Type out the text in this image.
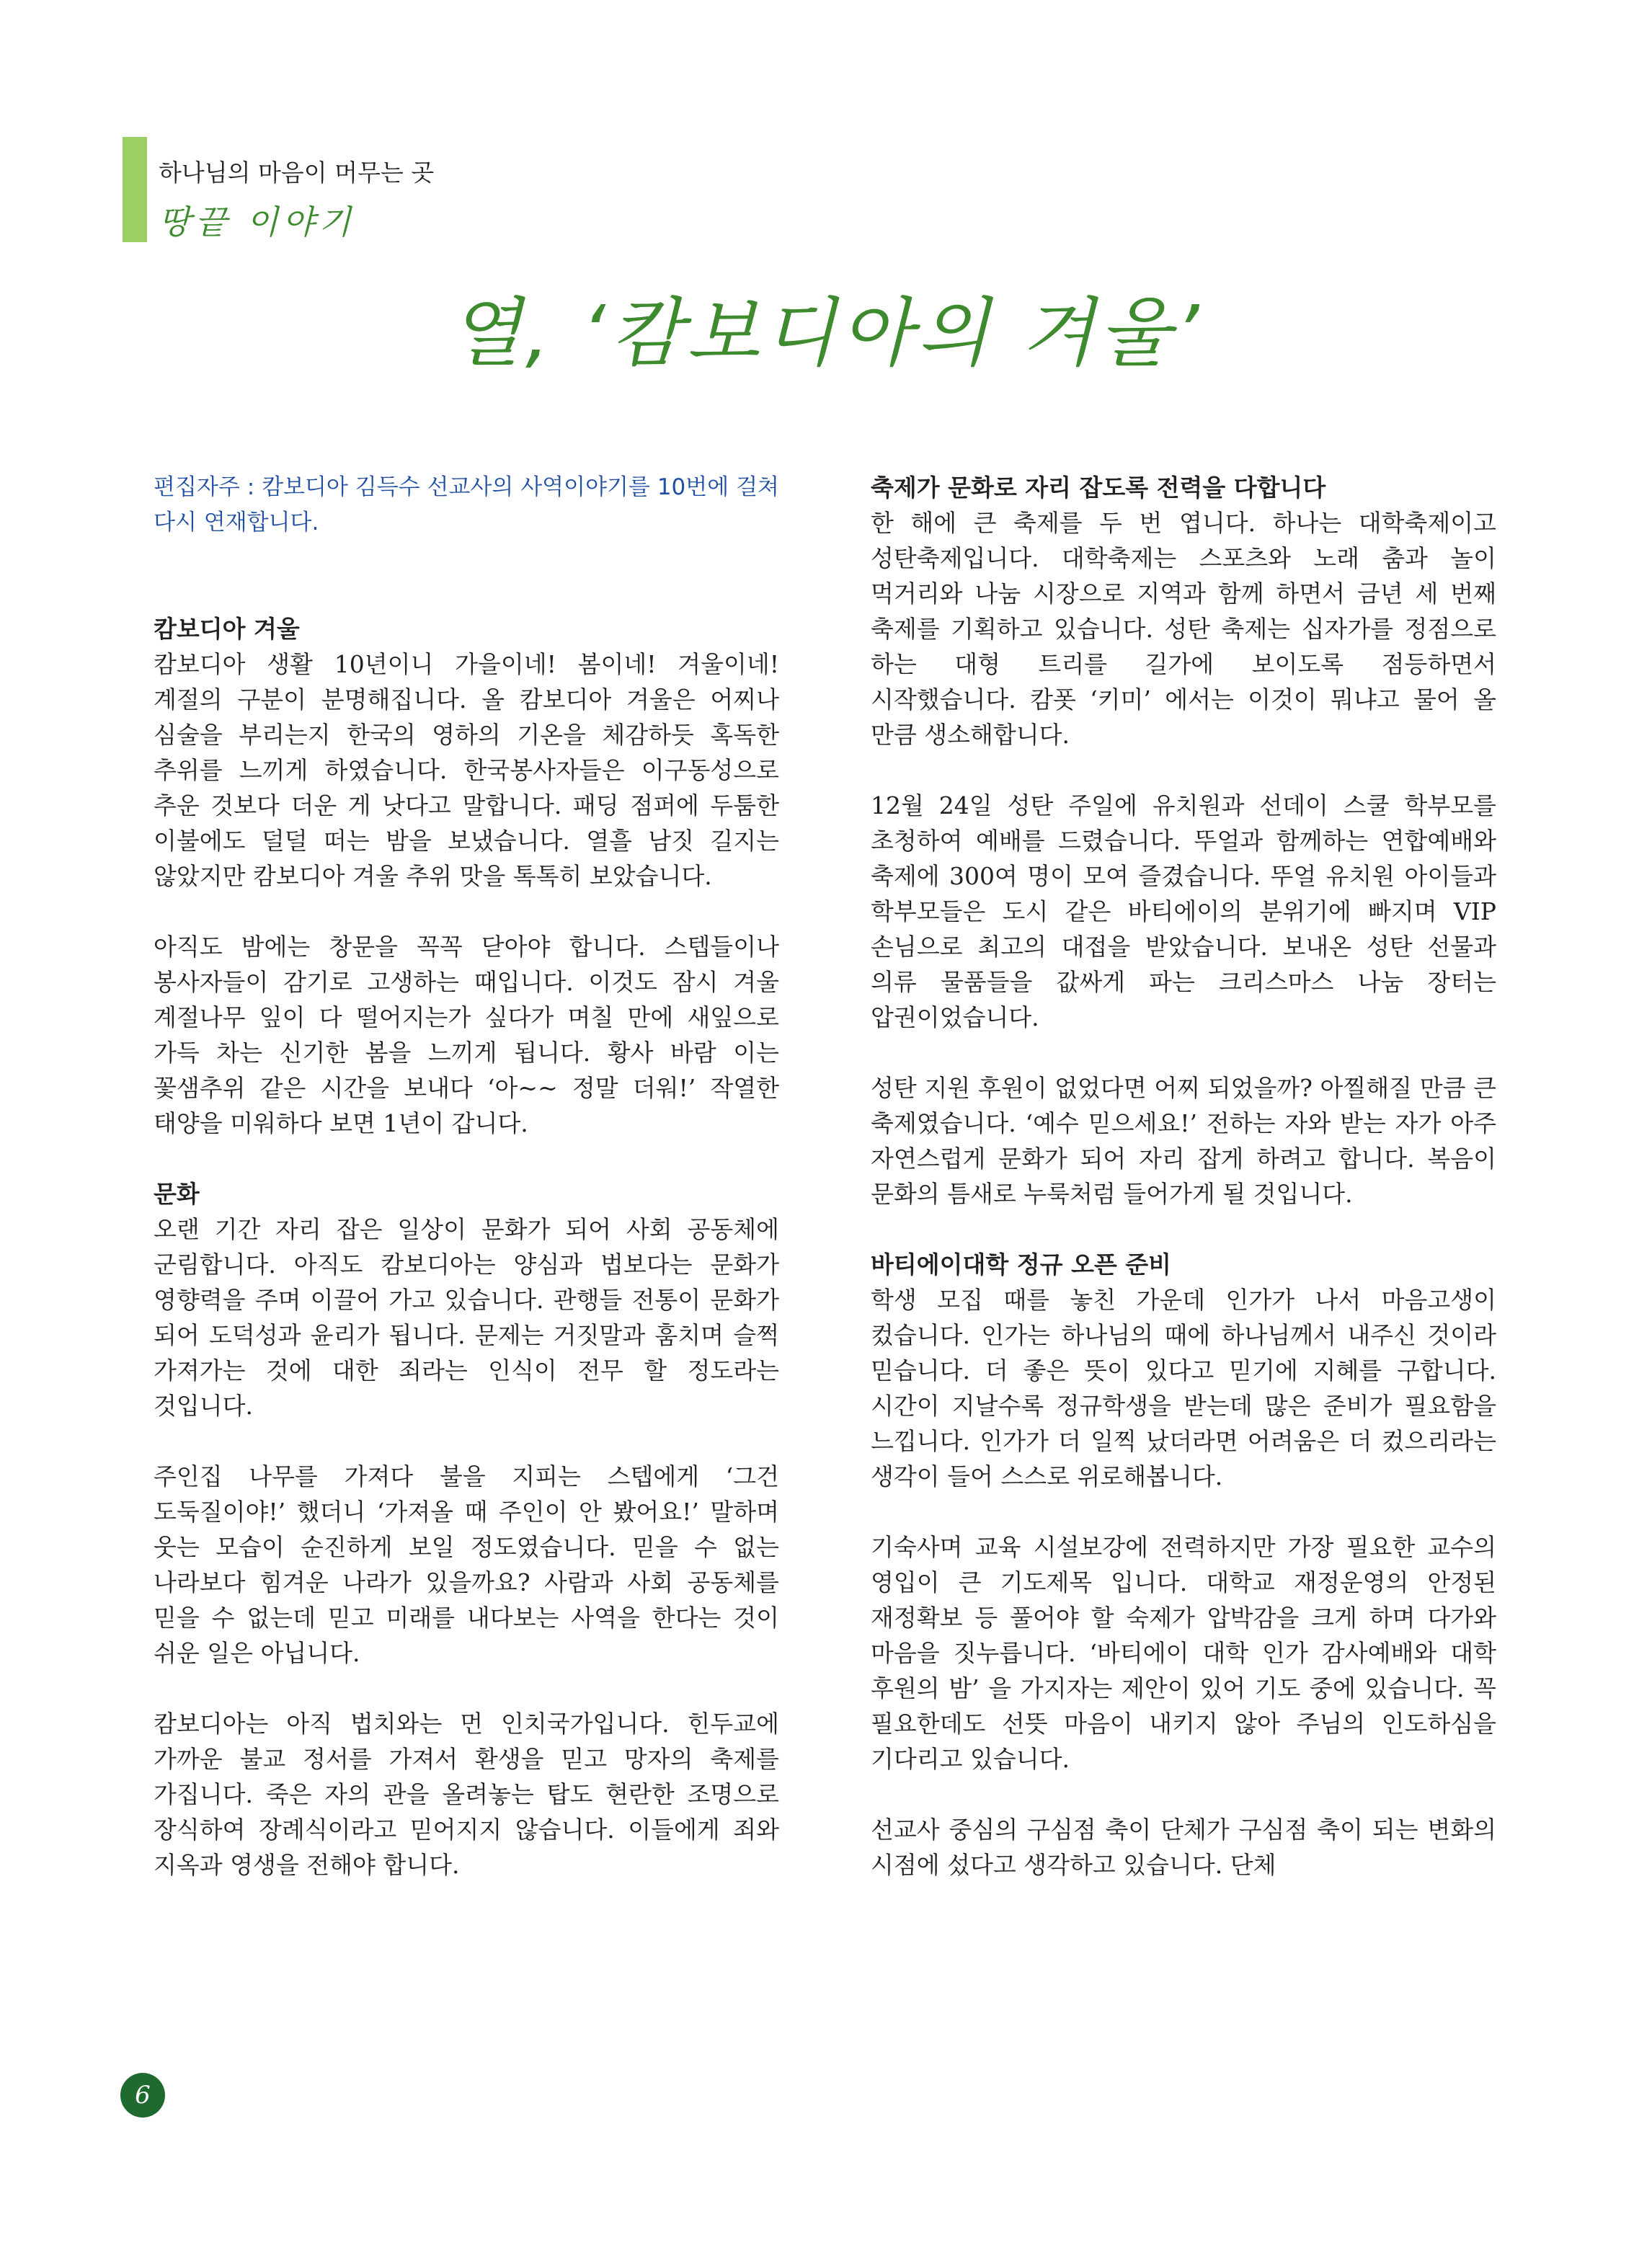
하나님의 마음이 머무는 곳
땅끝 이야기
열, ‘캄보디아의 겨울’

편집자주 : 캄보디아 김득수 선교사의 사역이야기를 10번에 걸쳐 다시 연재합니다.

캄보디아 겨울

캄보디아 생활 10년이니 가을이네! 봄이네! 겨울이네! 계절의 구분이 분명해집니다. 올 캄보디아 겨울은 어찌나 심술을 부리는지 한국의 영하의 기온을 체감하듯 혹독한 추위를 느끼게 하였습니다. 한국봉사자들은 이구동성으로 추운 것보다 더운 게 낫다고 말합니다. 패딩 점퍼에 두툼한 이불에도 덜덜 떠는 밤을 보냈습니다. 열흘 남짓 길지는 않았지만 캄보디아 겨울 추위 맛을 톡톡히 보았습니다.

아직도 밤에는 창문을 꼭꼭 닫아야 합니다. 스텝들이나 봉사자들이 감기로 고생하는 때입니다. 이것도 잠시 겨울 계절나무 잎이 다 떨어지는가 싶다가 며칠 만에 새잎으로 가득 차는 신기한 봄을 느끼게 됩니다. 황사 바람 이는 꽃샘추위 같은 시간을 보내다 ‘아~~ 정말 더워!’ 작열한 태양을 미워하다 보면 1년이 갑니다.

문화

오랜 기간 자리 잡은 일상이 문화가 되어 사회 공동체에 군림합니다. 아직도 캄보디아는 양심과 법보다는 문화가 영향력을 주며 이끌어 가고 있습니다. 관행들 전통이 문화가 되어 도덕성과 윤리가 됩니다. 문제는 거짓말과 훔치며 슬쩍 가져가는 것에 대한 죄라는 인식이 전무 할 정도라는 것입니다.

주인집 나무를 가져다 불을 지피는 스텝에게 ‘그건 도둑질이야!’ 했더니 ‘가져올 때 주인이 안 봤어요!’ 말하며 웃는 모습이 순진하게 보일 정도였습니다. 믿을 수 없는 나라보다 힘겨운 나라가 있을까요? 사람과 사회 공동체를 믿을 수 없는데 믿고 미래를 내다보는 사역을 한다는 것이 쉬운 일은 아닙니다.

캄보디아는 아직 법치와는 먼 인치국가입니다. 힌두교에 가까운 불교 정서를 가져서 환생을 믿고 망자의 축제를 가집니다. 죽은 자의 관을 올려놓는 탑도 현란한 조명으로 장식하여 장례식이라고 믿어지지 않습니다. 이들에게 죄와 지옥과 영생을 전해야 합니다.

축제가 문화로 자리 잡도록 전력을 다합니다

한 해에 큰 축제를 두 번 엽니다. 하나는 대학축제이고 성탄축제입니다. 대학축제는 스포츠와 노래 춤과 놀이 먹거리와 나눔 시장으로 지역과 함께 하면서 금년 세 번째 축제를 기획하고 있습니다. 성탄 축제는 십자가를 정점으로 하는 대형 트리를 길가에 보이도록 점등하면서 시작했습니다. 캄폿 ‘키미’ 에서는 이것이 뭐냐고 물어 올 만큼 생소해합니다.

12월 24일 성탄 주일에 유치원과 선데이 스쿨 학부모를 초청하여 예배를 드렸습니다. 뚜얼과 함께하는 연합예배와 축제에 300여 명이 모여 즐겼습니다. 뚜얼 유치원 아이들과 학부모들은 도시 같은 바티에이의 분위기에 빠지며 VIP 손님으로 최고의 대접을 받았습니다. 보내온 성탄 선물과 의류 물품들을 값싸게 파는 크리스마스 나눔 장터는 압권이었습니다.

성탄 지원 후원이 없었다면 어찌 되었을까? 아찔해질 만큼 큰 축제였습니다. ‘예수 믿으세요!’ 전하는 자와 받는 자가 아주 자연스럽게 문화가 되어 자리 잡게 하려고 합니다. 복음이 문화의 틈새로 누룩처럼 들어가게 될 것입니다.

바티에이대학 정규 오픈 준비

학생 모집 때를 놓친 가운데 인가가 나서 마음고생이 컸습니다. 인가는 하나님의 때에 하나님께서 내주신 것이라 믿습니다. 더 좋은 뜻이 있다고 믿기에 지혜를 구합니다. 시간이 지날수록 정규학생을 받는데 많은 준비가 필요함을 느낍니다. 인가가 더 일찍 났더라면 어려움은 더 컸으리라는 생각이 들어 스스로 위로해봅니다.

기숙사며 교육 시설보강에 전력하지만 가장 필요한 교수의 영입이 큰 기도제목 입니다. 대학교 재정운영의 안정된 재정확보 등 풀어야 할 숙제가 압박감을 크게 하며 다가와 마음을 짓누릅니다. ‘바티에이 대학 인가 감사예배와 대학 후원의 밤’ 을 가지자는 제안이 있어 기도 중에 있습니다. 꼭 필요한데도 선뜻 마음이 내키지 않아 주님의 인도하심을 기다리고 있습니다.

선교사 중심의 구심점 축이 단체가 구심점 축이 되는 변화의 시점에 섰다고 생각하고 있습니다. 단체

6
